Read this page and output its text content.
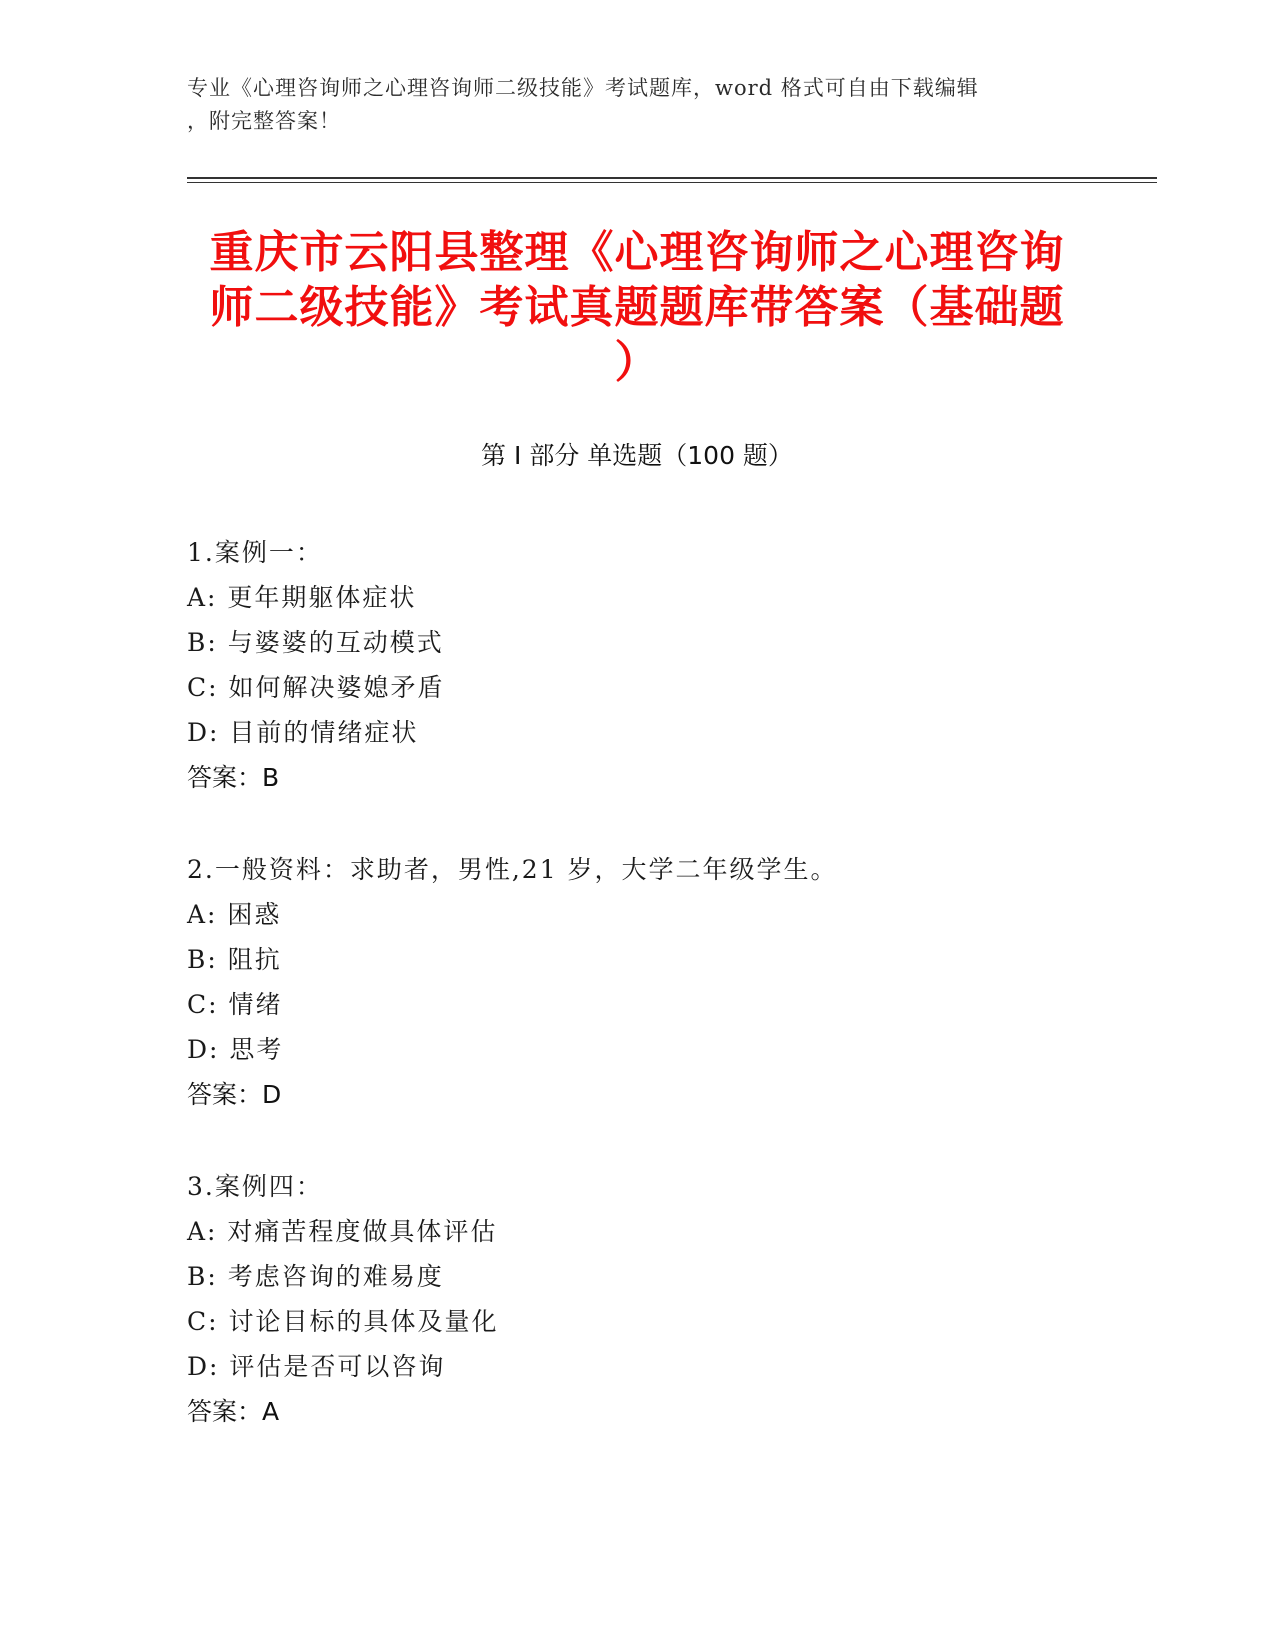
专业《心理咨询师之心理咨询师二级技能》考试题库，word 格式可自由下载编辑
，附完整答案！
重庆市云阳县整理《心理咨询师之心理咨询
师二级技能》考试真题题库带答案（基础题
）
第 I 部分 单选题（100 题）
1.案例一：
A: 更年期躯体症状
B: 与婆婆的互动模式
C: 如何解决婆媳矛盾
D: 目前的情绪症状
答案：B
2.一般资料：求助者，男性,21 岁，大学二年级学生。
A: 困惑
B: 阻抗
C: 情绪
D: 思考
答案：D
3.案例四：
A: 对痛苦程度做具体评估
B: 考虑咨询的难易度
C: 讨论目标的具体及量化
D: 评估是否可以咨询
答案：A
